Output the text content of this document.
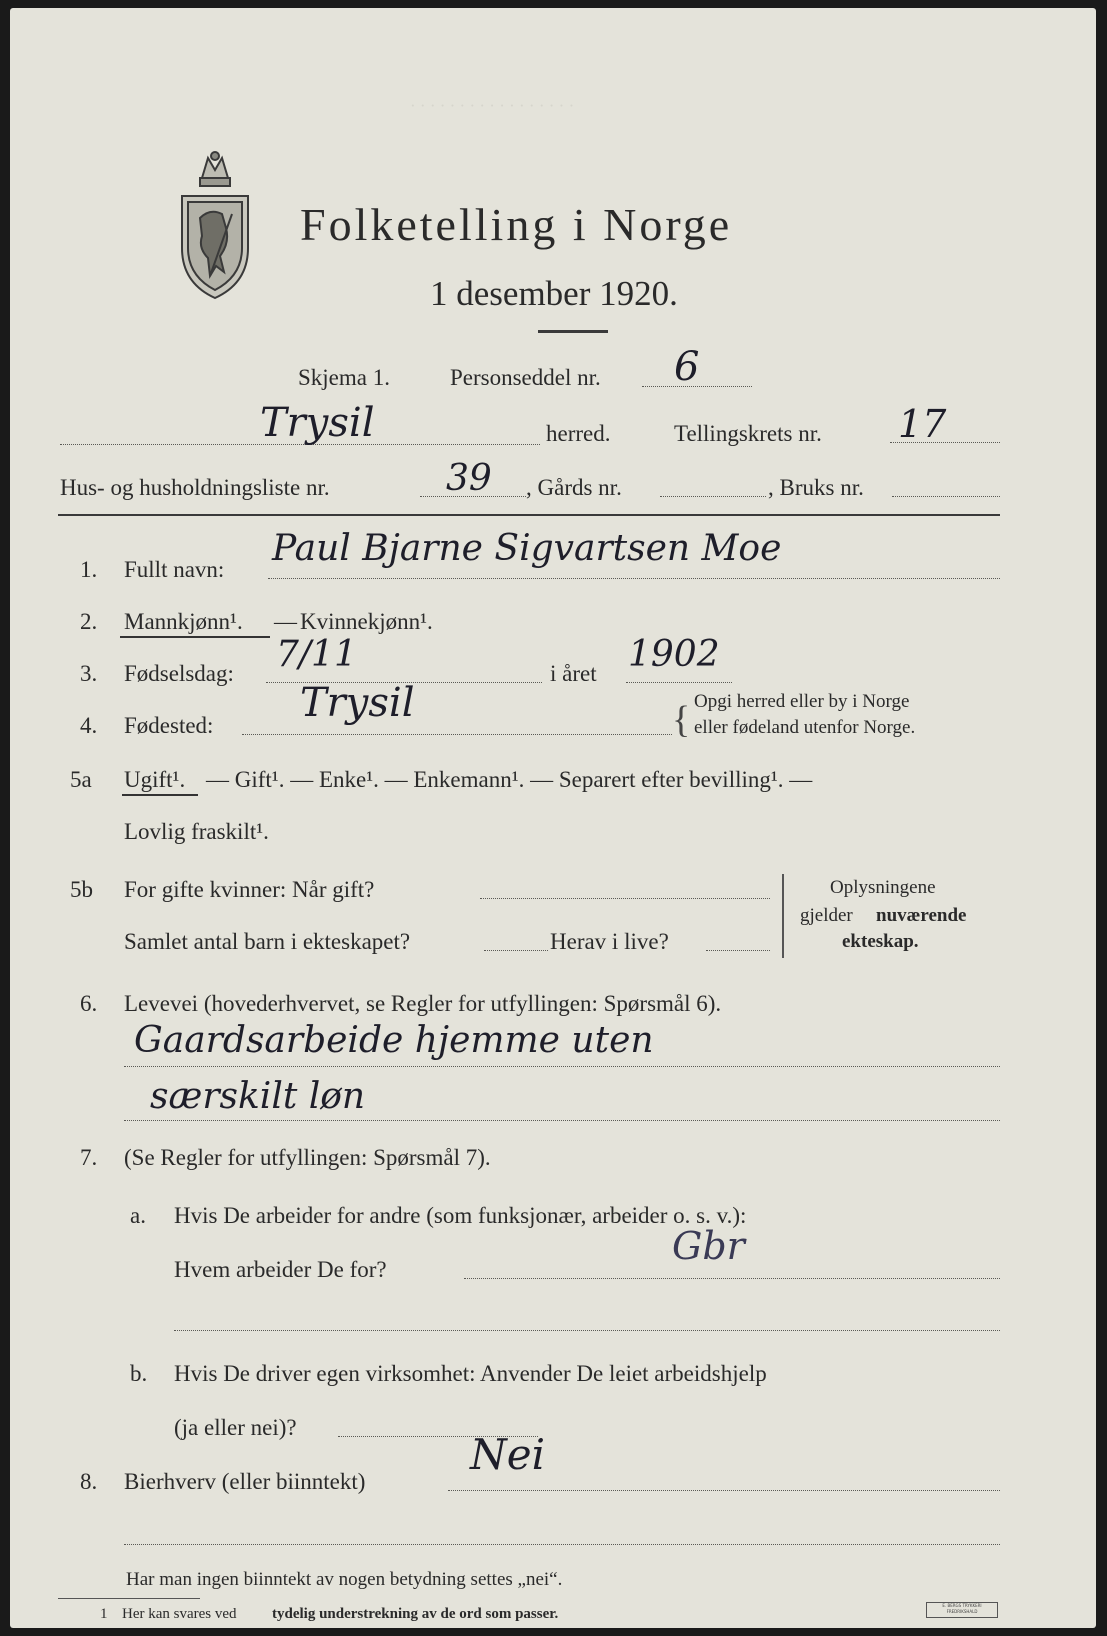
· · · · · · · · · · · · · · · · ·
Folketelling i Norge
1 desember 1920.
Skjema 1.	Personseddel nr. 6
Trysil	herred.	Tellingskrets nr. 17
Hus- og husholdningsliste nr.	39 , Gårds nr.	, Bruks nr.
1. Fullt navn:
Paul Bjarne Sigvartsen Moe
2. Mannkjønn¹. — Kvinnekjønn¹.
3. Fødselsdag: 7/11	i året 1902
4. Fødested: Trysil	{ Opgi herred eller by i Norge
eller fødeland utenfor Norge.
5a Ugift¹. — Gift¹. — Enke¹. — Enkemann¹. — Separert efter bevilling¹. —
Lovlig fraskilt¹.
5b For gifte kvinner: Når gift?
Samlet antal barn i ekteskapet?	Herav i live?
Oplysningene
gjelder nuværende
ekteskap.
6. Levevei (hovederhvervet, se Regler for utfyllingen: Spørsmål 6).
Gaardsarbeide hjemme uten
særskilt løn
7. (Se Regler for utfyllingen: Spørsmål 7).
a. Hvis De arbeider for andre (som funksjonær, arbeider o. s. v.):
Hvem arbeider De for?
Gbr
b. Hvis De driver egen virksomhet: Anvender De leiet arbeidshjelp
(ja eller nei)?
8. Bierhverv (eller biinntekt)
Nei
Har man ingen biinntekt av nogen betydning settes „nei“.
1 Her kan svares ved tydelig understrekning av de ord som passer.
E. BERGS TRYKKERI FREDRIKSHALD
